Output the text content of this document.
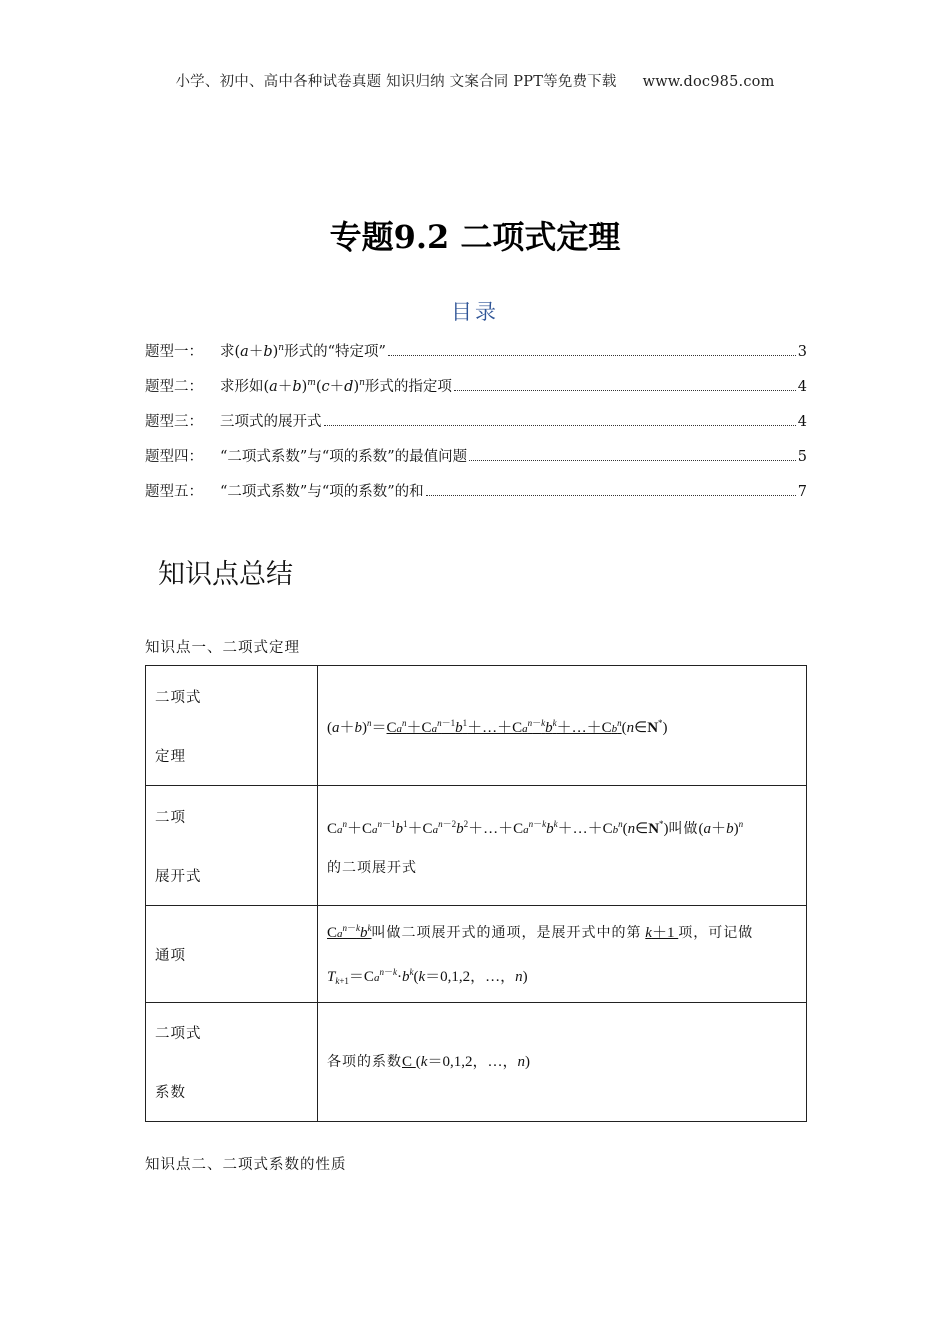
小学、初中、高中各种试卷真题 知识归纳 文案合同 PPT等免费下载 www.doc985.com
专题9.2 二项式定理
目录
题型一：	求$(a+b)^n$形式的“特定项”	3
题型二：	求形如$(a+b)^m(c+d)^n$形式的指定项	4
题型三：	三项式的展开式	4
题型四：	“二项式系数”与“项的系数”的最值问题	5
题型五：	“二项式系数”与“项的系数”的和	7
知识点总结
知识点一、二项式定理
二项式
定理	$(a+b)^n=Ca^n+Ca^{n-1}b^1+\dots+Ca^{n-k}b^k+\dots+Cb^n(n\in N^*)$

二项
展开式	$Ca^n+Ca^{n-1}b^1+Ca^{n-2}b^2+\dots+Ca^{n-k}b^k+\dots+Cb^n(n\in N^*)$叫做$(a+b)^n$
的二项展开式
通项	$Ca^{n-k}b^k$叫做二项展开式的通项，是展开式中的第 k＋1 项，可记做
$T_{k+1}=Ca^{n-k}\cdot b^k(k=0,1,2$，…，n)

二项式
系数	各项的系数C (k＝0,1,2，…，n)
知识点二、二项式系数的性质
